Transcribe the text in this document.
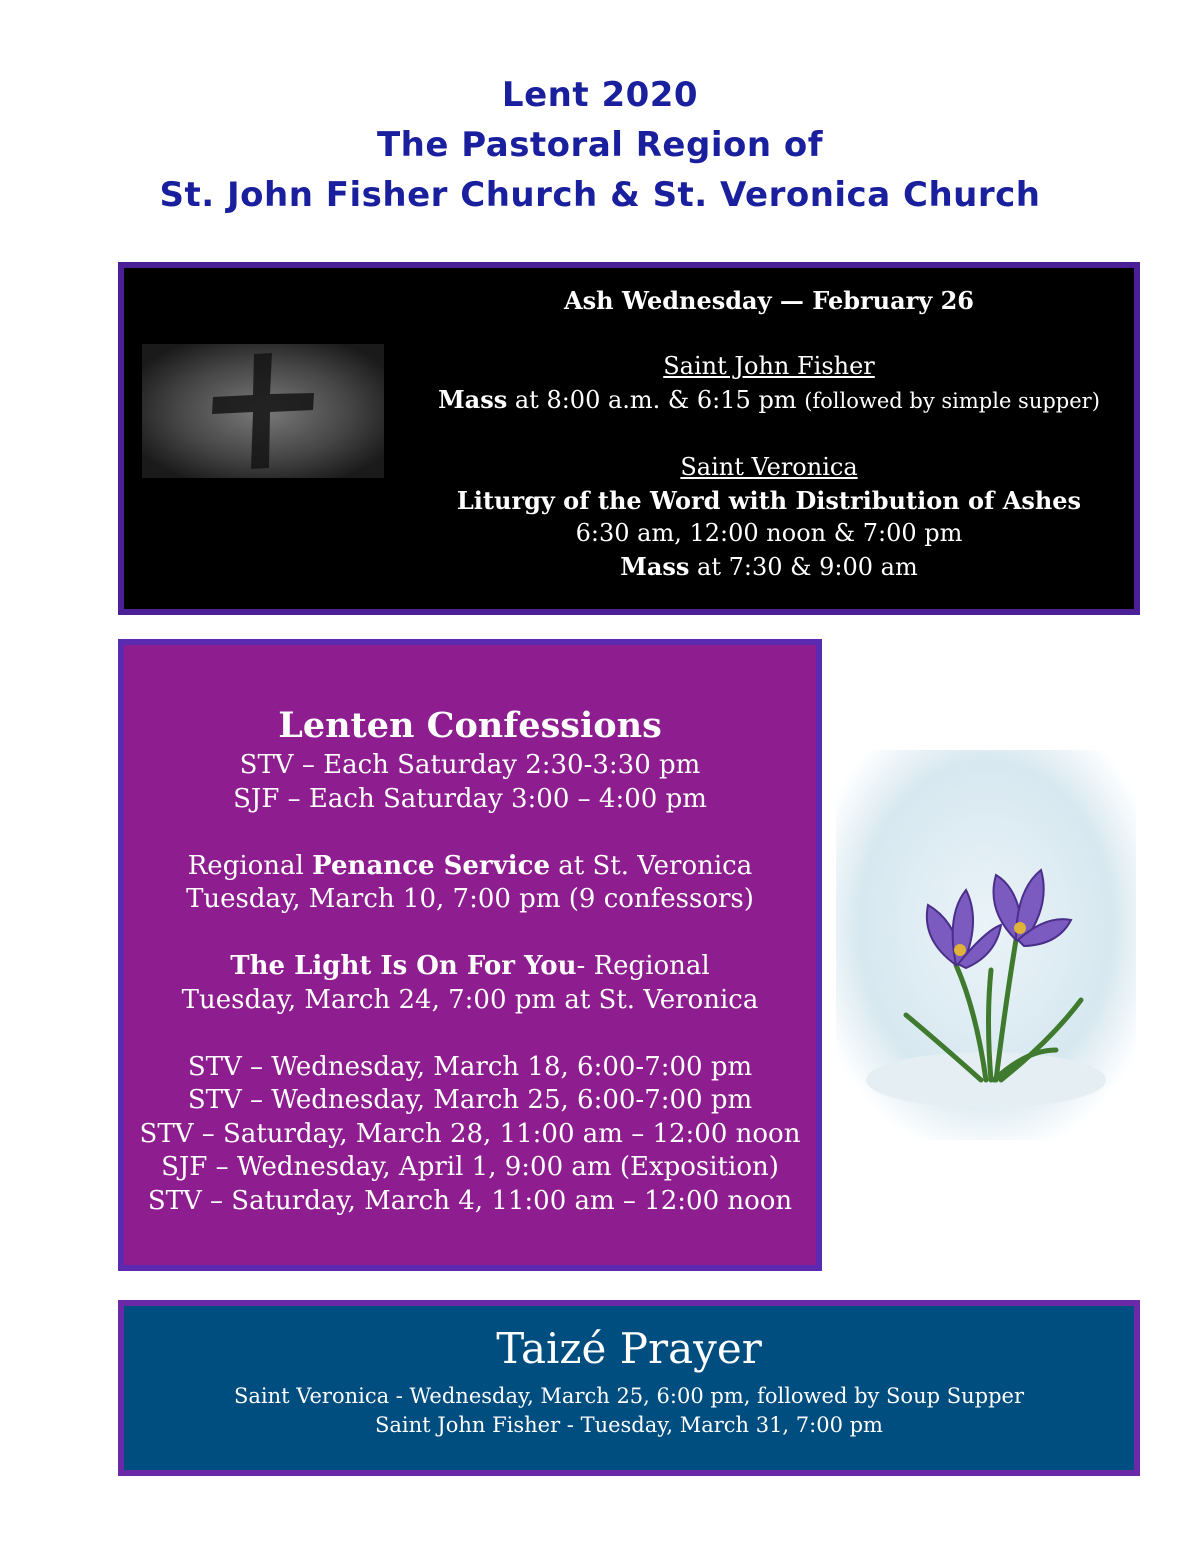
Lent 2020
The Pastoral Region of
St. John Fisher Church & St. Veronica Church
Ash Wednesday — February 26
Saint John Fisher
Mass at 8:00 a.m. & 6:15 pm (followed by simple supper)
Saint Veronica
Liturgy of the Word with Distribution of Ashes
6:30 am, 12:00 noon & 7:00 pm
Mass at 7:30 & 9:00 am
Lenten Confessions
STV – Each Saturday 2:30-3:30 pm
SJF – Each Saturday 3:00 – 4:00 pm
Regional Penance Service at St. Veronica
Tuesday, March 10, 7:00 pm (9 confessors)
The Light Is On For You- Regional
Tuesday, March 24, 7:00 pm at St. Veronica
STV – Wednesday, March 18, 6:00-7:00 pm
STV – Wednesday, March 25, 6:00-7:00 pm
STV – Saturday, March 28, 11:00 am – 12:00 noon
SJF – Wednesday, April 1, 9:00 am (Exposition)
STV – Saturday, March 4, 11:00 am – 12:00 noon
Taizé Prayer
Saint Veronica - Wednesday, March 25, 6:00 pm, followed by Soup Supper
Saint John Fisher - Tuesday, March 31, 7:00 pm
